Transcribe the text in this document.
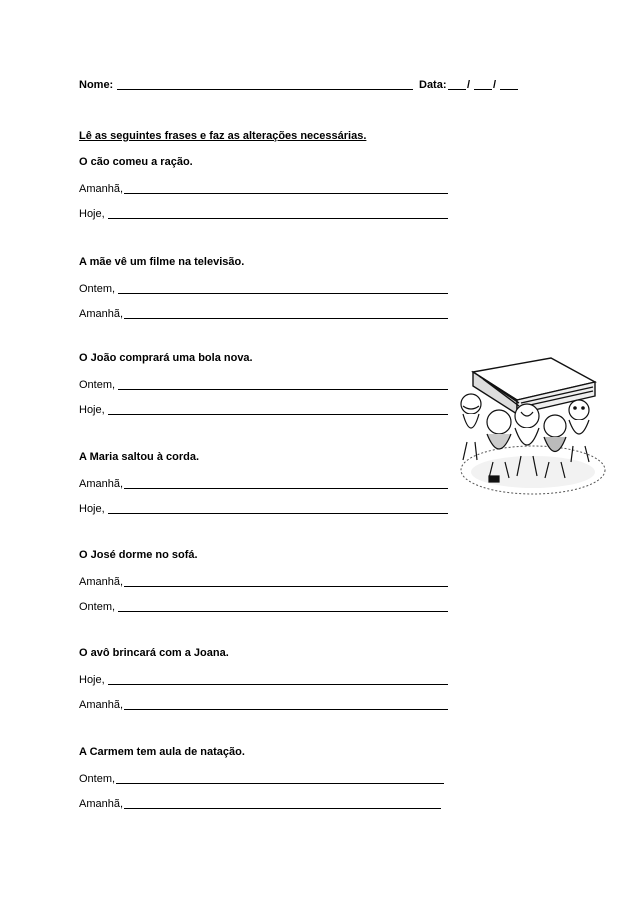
Nome:	Data: / /
Lê as seguintes frases e faz as alterações necessárias.
O cão comeu a ração.
Amanhã,
Hoje,
A mãe vê um filme na televisão.
Ontem,
Amanhã,
O João comprará uma bola nova.
Ontem,
Hoje,
A Maria saltou à corda.
Amanhã,
Hoje,
O José dorme no sofá.
Amanhã,
Ontem,
O avô brincará com a Joana.
Hoje,
Amanhã,
A Carmem tem aula de natação.
Ontem,
Amanhã,
